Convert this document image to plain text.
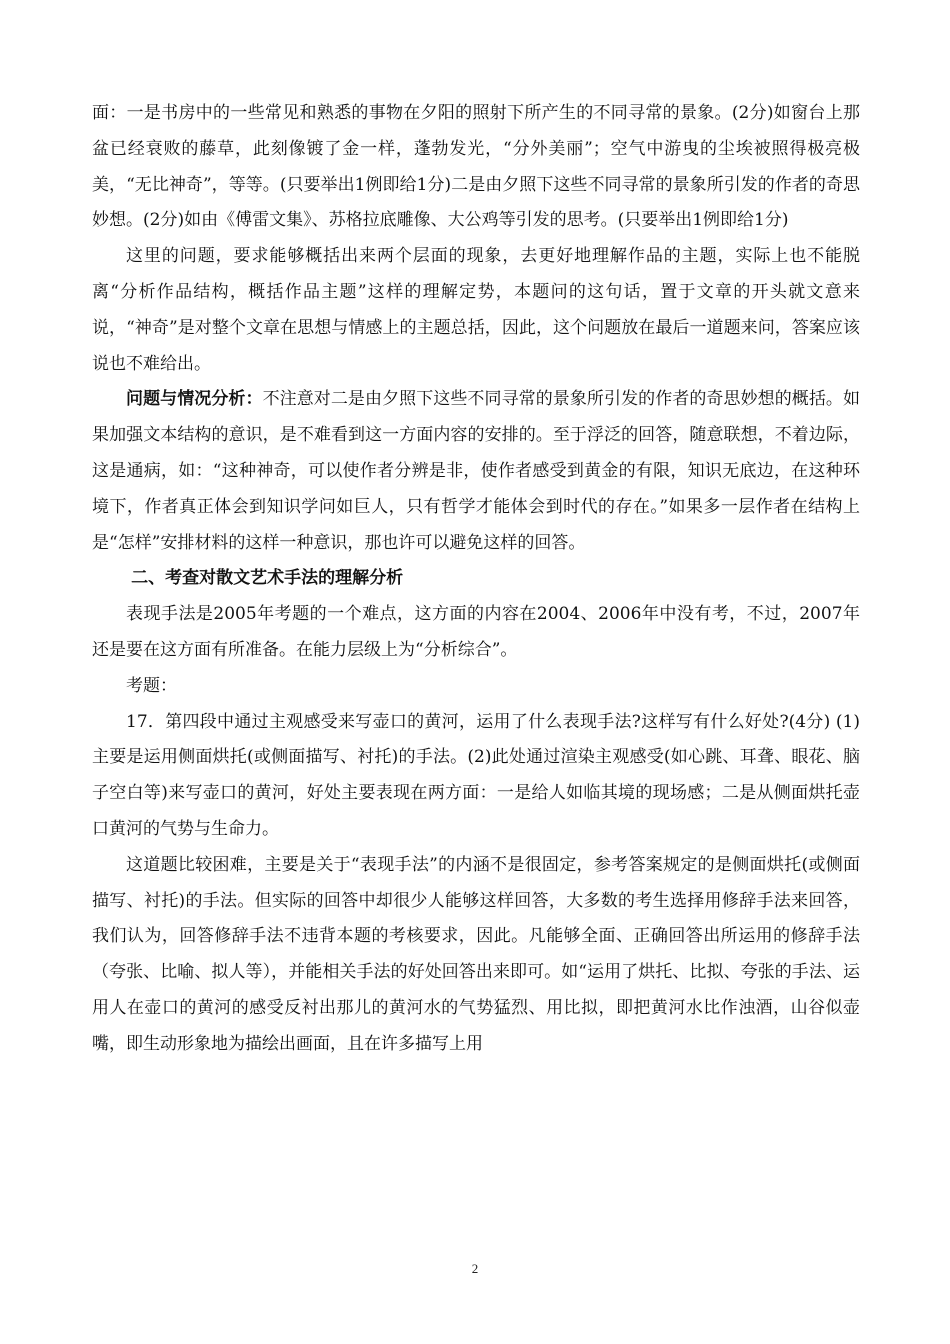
面：一是书房中的一些常见和熟悉的事物在夕阳的照射下所产生的不同寻常的景象。(2分)如窗台上那盆已经衰败的藤草，此刻像镀了金一样，蓬勃发光，“分外美丽”；空气中游曳的尘埃被照得极亮极美，“无比神奇”，等等。(只要举出1例即给1分)二是由夕照下这些不同寻常的景象所引发的作者的奇思妙想。(2分)如由《傅雷文集》、苏格拉底雕像、大公鸡等引发的思考。(只要举出1例即给1分)

这里的问题，要求能够概括出来两个层面的现象，去更好地理解作品的主题，实际上也不能脱离“分析作品结构，概括作品主题”这样的理解定势，本题问的这句话，置于文章的开头就文意来说，“神奇”是对整个文章在思想与情感上的主题总括，因此，这个问题放在最后一道题来问，答案应该说也不难给出。

问题与情况分析：不注意对二是由夕照下这些不同寻常的景象所引发的作者的奇思妙想的概括。如果加强文本结构的意识，是不难看到这一方面内容的安排的。至于浮泛的回答，随意联想，不着边际，这是通病，如：“这种神奇，可以使作者分辨是非，使作者感受到黄金的有限，知识无底边，在这种环境下，作者真正体会到知识学问如巨人，只有哲学才能体会到时代的存在。”如果多一层作者在结构上是“怎样”安排材料的这样一种意识，那也许可以避免这样的回答。

二、考查对散文艺术手法的理解分析

表现手法是2005年考题的一个难点，这方面的内容在2004、2006年中没有考，不过，2007年还是要在这方面有所准备。在能力层级上为“分析综合”。

考题：

17．第四段中通过主观感受来写壶口的黄河，运用了什么表现手法?这样写有什么好处?(4分) (1)主要是运用侧面烘托(或侧面描写、衬托)的手法。(2)此处通过渲染主观感受(如心跳、耳聋、眼花、脑子空白等)来写壶口的黄河，好处主要表现在两方面：一是给人如临其境的现场感；二是从侧面烘托壶口黄河的气势与生命力。

这道题比较困难，主要是关于“表现手法”的内涵不是很固定，参考答案规定的是侧面烘托(或侧面描写、衬托)的手法。但实际的回答中却很少人能够这样回答，大多数的考生选择用修辞手法来回答，我们认为，回答修辞手法不违背本题的考核要求，因此。凡能够全面、正确回答出所运用的修辞手法（夸张、比喻、拟人等），并能相关手法的好处回答出来即可。如“运用了烘托、比拟、夸张的手法、运用人在壶口的黄河的感受反衬出那儿的黄河水的气势猛烈、用比拟，即把黄河水比作浊酒，山谷似壶嘴，即生动形象地为描绘出画面，且在许多描写上用

2
